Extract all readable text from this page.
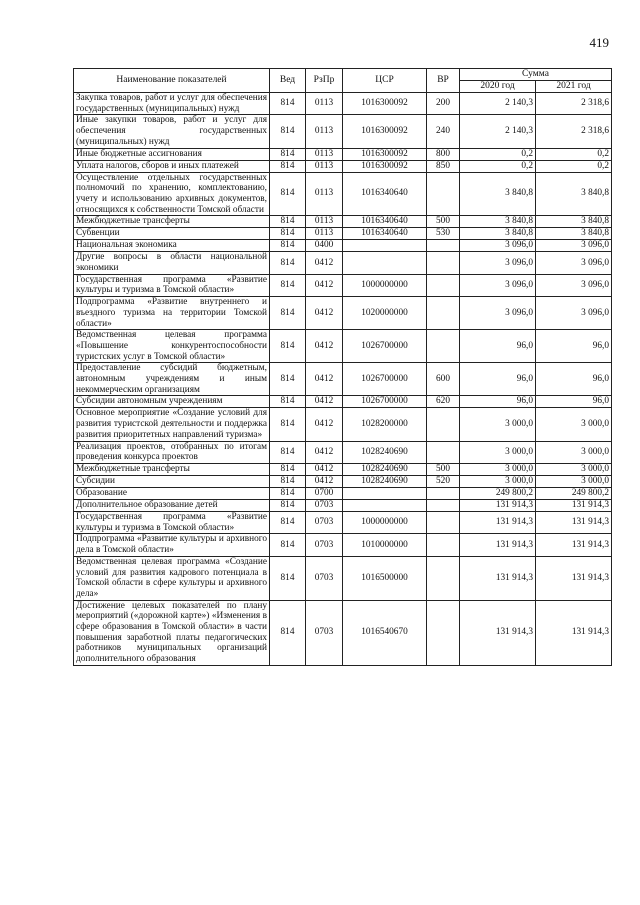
419
Наименование показателей	Вед	РзПр	ЦСР	ВР	Сумма	
					2020 год	2021 год
Закупка товаров, работ и услуг для обеспечения государственных (муниципальных) нужд	814	0113	1016300092	200	2 140,3	2 318,6
Иные закупки товаров, работ и услуг для обеспечения государственных (муниципальных) нужд	814	0113	1016300092	240	2 140,3	2 318,6
Иные бюджетные ассигнования	814	0113	1016300092	800	0,2	0,2
Уплата налогов, сборов и иных платежей	814	0113	1016300092	850	0,2	0,2
Осуществление отдельных государственных полномочий по хранению, комплектованию, учету и использованию архивных документов, относящихся к собственности Томской области	814	0113	1016340640		3 840,8	3 840,8
Межбюджетные трансферты	814	0113	1016340640	500	3 840,8	3 840,8
Субвенции	814	0113	1016340640	530	3 840,8	3 840,8
Национальная экономика	814	0400			3 096,0	3 096,0
Другие вопросы в области национальной экономики	814	0412			3 096,0	3 096,0
Государственная программа «Развитие культуры и туризма в Томской области»	814	0412	1000000000		3 096,0	3 096,0
Подпрограмма «Развитие внутреннего и въездного туризма на территории Томской области»	814	0412	1020000000		3 096,0	3 096,0
Ведомственная целевая программа «Повышение конкурентоспособности туристских услуг в Томской области»	814	0412	1026700000		96,0	96,0
Предоставление субсидий бюджетным, автономным учреждениям и иным некоммерческим организациям	814	0412	1026700000	600	96,0	96,0
Субсидии автономным учреждениям	814	0412	1026700000	620	96,0	96,0
Основное мероприятие «Создание условий для развития туристской деятельности и поддержка развития приоритетных направлений туризма»	814	0412	1028200000		3 000,0	3 000,0
Реализация проектов, отобранных по итогам проведения конкурса проектов	814	0412	1028240690		3 000,0	3 000,0
Межбюджетные трансферты	814	0412	1028240690	500	3 000,0	3 000,0
Субсидии	814	0412	1028240690	520	3 000,0	3 000,0
Образование	814	0700			249 800,2	249 800,2
Дополнительное образование детей	814	0703			131 914,3	131 914,3
Государственная программа «Развитие культуры и туризма в Томской области»	814	0703	1000000000		131 914,3	131 914,3
Подпрограмма «Развитие культуры и архивного дела в Томской области»	814	0703	1010000000		131 914,3	131 914,3
Ведомственная целевая программа «Создание условий для развития кадрового потенциала в Томской области в сфере культуры и архивного дела»	814	0703	1016500000		131 914,3	131 914,3
Достижение целевых показателей по плану мероприятий («дорожной карте») «Изменения в сфере образования в Томской области» в части повышения заработной платы педагогических работников муниципальных организаций дополнительного образования	814	0703	1016540670		131 914,3	131 914,3
